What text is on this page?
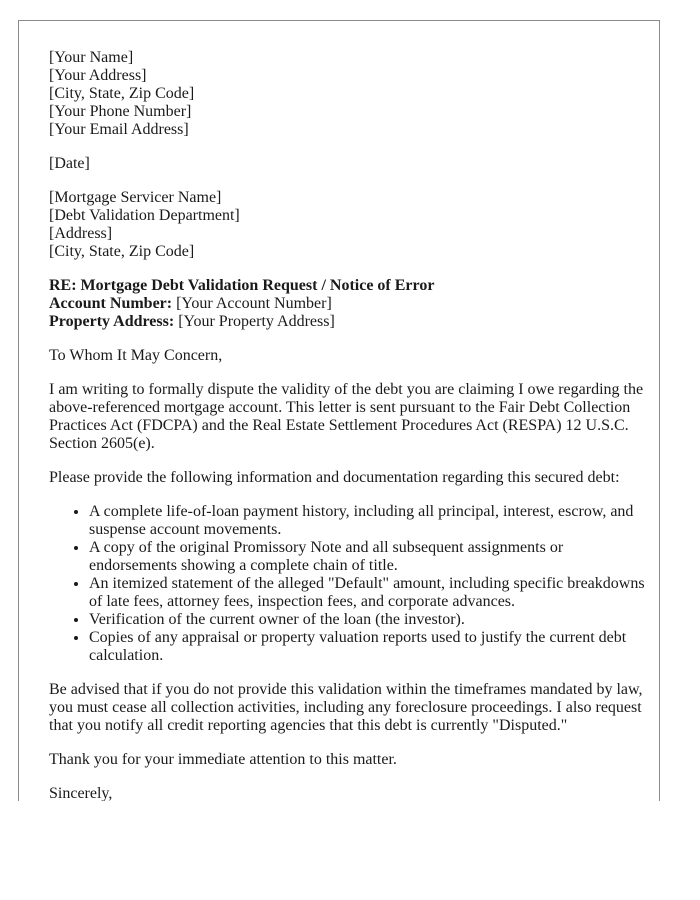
[Your Name]
[Your Address]
[City, State, Zip Code]
[Your Phone Number]
[Your Email Address]
[Date]
[Mortgage Servicer Name]
[Debt Validation Department]
[Address]
[City, State, Zip Code]
RE: Mortgage Debt Validation Request / Notice of Error
Account Number: [Your Account Number]
Property Address: [Your Property Address]

To Whom It May Concern,

I am writing to formally dispute the validity of the debt you are claiming I owe regarding the above-referenced mortgage account. This letter is sent pursuant to the Fair Debt Collection Practices Act (FDCPA) and the Real Estate Settlement Procedures Act (RESPA) 12 U.S.C. Section 2605(e).

Please provide the following information and documentation regarding this secured debt:

• A complete life-of-loan payment history, including all principal, interest, escrow, and suspense account movements.
• A copy of the original Promissory Note and all subsequent assignments or endorsements showing a complete chain of title.
• An itemized statement of the alleged "Default" amount, including specific breakdowns of late fees, attorney fees, inspection fees, and corporate advances.
• Verification of the current owner of the loan (the investor).
• Copies of any appraisal or property valuation reports used to justify the current debt calculation.

Be advised that if you do not provide this validation within the timeframes mandated by law, you must cease all collection activities, including any foreclosure proceedings. I also request that you notify all credit reporting agencies that this debt is currently "Disputed."

Thank you for your immediate attention to this matter.

Sincerely,
